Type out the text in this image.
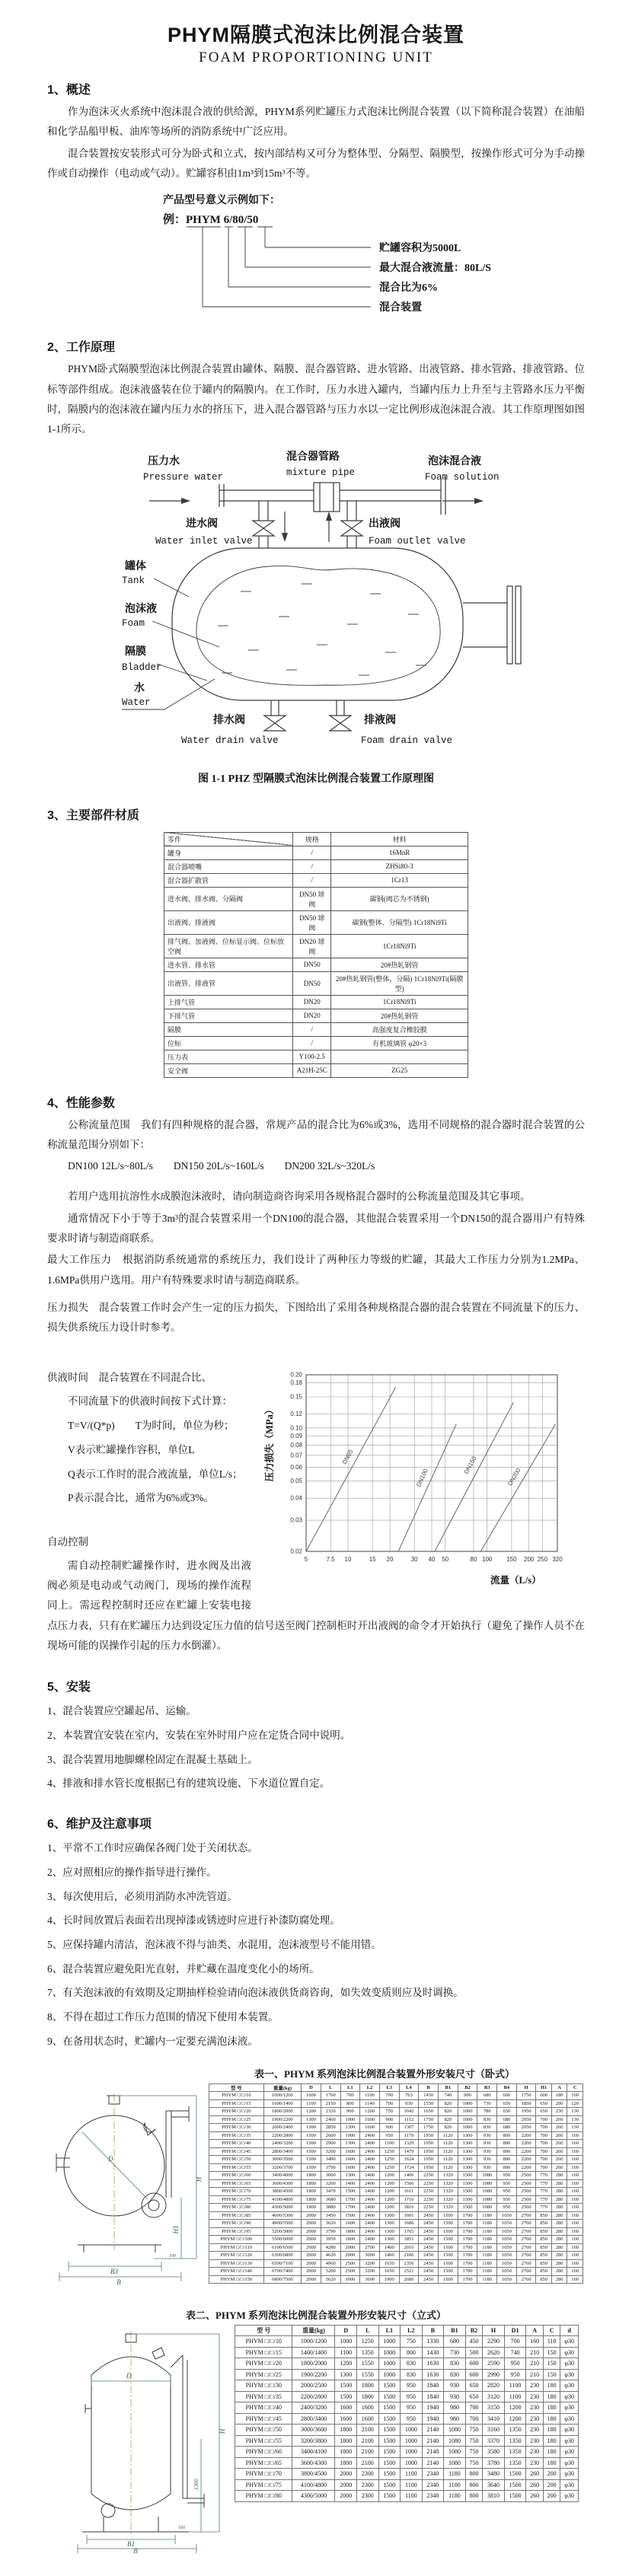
PHYM隔膜式泡沫比例混合装置
FOAM PROPORTIONING UNIT
1、概述

作为泡沫灭火系统中泡沫混合液的供给源，PHYM系列贮罐压力式泡沫比例混合装置（以下简称混合装置）在油船和化学品船甲板、油库等场所的消防系统中广泛应用。

混合装置按安装形式可分为卧式和立式，按内部结构又可分为整体型、分隔型、隔膜型，按操作形式可分为手动操作或自动操作（电动或气动）。贮罐容积由1m³到15m³不等。

产品型号意义示例如下：
例：PHYM 6/80/50
贮罐容积为5000L
最大混合液流量：80L/S
混合比为6%
混合装置
2、工作原理

PHYM卧式隔膜型泡沫比例混合装置由罐体、隔膜、混合器管路、进水管路、出液管路、排水管路、排液管路、位标等部件组成。泡沫液盛装在位于罐内的隔膜内。在工作时，压力水进入罐内，当罐内压力上升至与主管路水压力平衡时，隔膜内的泡沫液在罐内压力水的挤压下，进入混合器管路与压力水以一定比例形成泡沫混合液。其工作原理图如图1-1所示。

压力水
Pressure water
混合器管路
mixture pipe
泡沫混合液
Foam solution
进水阀
Water inlet valve
出液阀
Foam outlet valve
罐体
Tank
泡沫液
Foam
隔膜
Bladder
水
Water
排水阀
Water drain valve
排液阀
Foam drain valve
图 1-1 PHZ 型隔膜式泡沫比例混合装置工作原理图
3、主要部件材质
零件	规格	材料
罐身	/	16MnR
混合器喷嘴	/	ZHSi80-3
混合器扩散管	/	1Cr13
进水阀、排水阀、分隔阀	DN50 球阀	碳钢(阀芯为不锈钢)
出液阀、排液阀	DN50 球阀	碳钢(整体、分隔型) 1Cr18Ni9Ti
排气阀、加液阀、位标显示阀、位标放空阀	DN20 球阀	1Cr18Ni9Ti
进水管、排水管	DN50	20#热轧钢管
出液管、排液管	DN50	20#热轧钢管(整体、分隔) 1Cr18Ni9Ti(隔膜型)
上排气管	DN20	1Cr18Ni9Ti
下排气管	DN20	20#热轧钢管
隔膜	/	高强度复合橡胶膜
位标	/	有机玻璃管 φ20×3
压力表	Y100-2.5	
安全阀	A21H-25C	ZG25
4、性能参数

公称流量范围　我们有四种规格的混合器，常规产品的混合比为6%或3%，选用不同规格的混合器时混合装置的公称流量范围分别如下：

DN100 12L/s~80L/s　　DN150 20L/s~160L/s　　DN200 32L/s~320L/s

若用户选用抗溶性水成膜泡沫液时，请向制造商咨询采用各规格混合器时的公称流量范围及其它事项。

通常情况下小于等于3m³的混合装置采用一个DN100的混合器，其他混合装置采用一个DN150的混合器用户有特殊要求时请与制造商联系。

最大工作压力　根据消防系统通常的系统压力，我们设计了两种压力等级的贮罐，其最大工作压力分别为1.2MPa、1.6MPa供用户选用。用户有特殊要求时请与制造商联系。

压力损失　混合装置工作时会产生一定的压力损失，下图给出了采用各种规格混合器的混合装置在不同流量下的压力、损失供系统压力设计时参考。

5	7.5 10	15 20	30 40 50	80 100 150 200 250 320
0.02
0.03
0.04
0.05
0.06
0.07
0.08
0.09
0.10
0.12
0.15
0.18
0.20
DN65
DN100
DN150
DN200
压力损失（MPa）
流量（L/s）
供液时间　混合装置在不同混合比、
不同流量下的供液时间按下式计算：
T=V/(Q*p)　　T为时间，单位为秒；
V表示贮罐操作容积，单位L
Q表示工作时的混合液流量，单位L/s；
P表示混合比，通常为6%或3%。
自动控制

需自动控制贮罐操作时，进水阀及出液阀必须是电动或气动阀门，现场的操作流程同上。需远程控制时还应在贮罐上安装电接点压力表，只有在贮罐压力达到设定压力值的信号送至阀门控制柜时开出液阀的命令才开始执行（避免了操作人员不在现场可能的误操作引起的压力水倒灌）。

5、安装
1、混合装置应空罐起吊、运输。
2、本装置宜安装在室内，安装在室外时用户应在定货合同中说明。
3、混合装置用地脚螺栓固定在混凝土基础上。
4、排液和排水管长度根据已有的建筑设施、下水道位置自定。
6、维护及注意事项
1、平常不工作时应确保各阀门处于关闭状态。
2、应对照相应的操作指导进行操作。
3、每次使用后，必须用消防水冲洗管道。
4、长时间放置后表面若出现掉漆或锈迹时应进行补漆防腐处理。
5、应保持罐内清洁，泡沫液不得与油类、水混用，泡沫液型号不能用错。
6、混合装置应避免阳光直射，并贮藏在温度变化小的场所。
7、有关泡沫液的有效期及定期抽样检验请向泡沫液供货商咨询，如失效变质则应及时调换。
8、不得在超过工作压力范围的情况下使用本装置。
9、在备用状态时，贮罐内一定要充满泡沫液。
表一、PHYM 系列泡沫比例混合装置外形安装尺寸（卧式）
D
H
H1
B3
B
100
型 号	重量(kg)	D	L	L1	L2	L3	L4	B	B1	B2	B3	B4	H	H1	A	C
PHYM □/□/10	1000/1200	1000	1760	700	1100	700	763	1450	740	900	680	600	1750	600	180	100
PHYM □/□/15	1600/1400	1100	2150	800	1140	700	930	1550	820	1000	730	650	1850	650	200	120
PHYM □/□/20	1800/2000	1200	2320	900	1200	750	1042	1650	820	1000	780	650	1950	650	230	130
PHYM □/□/25	1900/2200	1300	2460	1000	1600	900	1112	1750	820	1000	830	680	2050	700	260	130
PHYM □/□/30	2000/2400	1300	2850	1300	1600	900	1307	1750	820	1000	830	680	2050	700	260	130
PHYM □/□/35	2200/2800	1500	2600	1000	2400	950	1179	1950	1120	1300	930	800	2260	700	260	160
PHYM □/□/40	2400/3200	1500	2900	1300	2400	1100	1329	1950	1120	1300	930	800	2260	700	260	160
PHYM □/□/45	2800/3400	1500	3200	1600	2400	1250	1479	1950	1120	1300	930	800	2260	700	260	160
PHYM □/□/50	3000/3500	1500	3490	1600	2400	1250	1624	1950	1120	1300	930	800	2260	700	260	160
PHYM □/□/55	3200/3700	1500	3790	1600	2400	1250	1724	1950	1120	1300	930	800	2260	700	260	160
PHYM □/□/60	3400/4000	1800	3060	1300	2400	1200	1406	2250	1320	1500	1080	950	2560	770	280	160
PHYM □/□/65	3600/4300	1800	3260	1400	2400	1200	1506	2250	1320	1500	1080	950	2560	770	280	160
PHYM □/□/70	3800/4500	1800	3470	1500	2400	1200	1611	2250	1320	1500	1080	950	2560	770	280	160
PHYM □/□/75	4100/4800	1800	3680	1700	2400	1200	1716	2250	1320	1500	1080	950	2560	770	280	160
PHYM □/□/80	4300/5000	1800	3880	1700	2400	1200	1816	2250	1320	1500	1080	950	2560	770	280	160
PHYM □/□/85	4600/5300	2000	3450	1500	2400	1300	1601	2450	1500	1700	1180	1050	2760	850	280	160
PHYM □/□/90	4900/5500	2000	3620	1600	2400	1300	1686	2450	1500	1700	1180	1050	2760	850	280	160
PHYM □/□/95	5200/5800	2000	3790	1800	2400	1300	1765	2450	1500	1700	1180	1050	2760	850	280	160
PHYM □/□/100	5500/6000	2000	3950	1800	2400	1300	1851	2450	1500	1700	1180	1050	2760	850	280	160
PHYM □/□/110	6100/6500	2000	4280	2000	2700	1400	2016	2450	1500	1700	1180	1050	2760	850	280	160
PHYM □/□/120	6300/6800	2000	4620	2000	3000	1400	2186	2450	1500	1700	1180	1050	2760	850	280	160
PHYM □/□/130	6500/7100	2000	4960	2500	3200	1650	2356	2450	1500	1700	1180	1050	2760	850	280	160
PHYM □/□/140	6700/7400	2000	5200	2500	3200	1650	2521	2450	1500	1700	1180	1050	2760	850	280	160
PHYM □/□/150	6800/7500	2000	5620	3000	3600	1900	2686	2450	1500	1700	1180	1050	2760	850	280	160
表二、PHYM 系列泡沫比例混合装置外形安装尺寸（立式）
D
H
1200
B1
B
160
型 号	重量(kg)	D	L	L1	L2	B	B1	B2	H	D1	A	C	d
PHYM □/□/10	1000/1200	1000	1250	1000	750	1330	680	450	2290	700	160	110	φ30
PHYM □/□/15	1400/1400	1100	1350	1000	800	1430	730	500	2620	740	210	150	φ30
PHYM □/□/20	1800/2000	1200	1550	1000	830	1630	830	600	2590	950	210	150	φ30
PHYM □/□/25	1900/2200	1300	1550	1000	830	1630	830	600	2990	950	210	150	φ30
PHYM □/□/30	2000/2500	1500	1800	1500	950	1840	930	650	2820	1100	230	180	φ30
PHYM □/□/35	2200/2800	1500	1800	1500	950	1840	930	650	3120	1100	230	180	φ30
PHYM □/□/40	2400/3200	1600	1600	1500	950	1940	980	700	3150	1200	230	180	φ30
PHYM □/□/45	2800/3400	1600	1600	1500	950	1940	980	700	3410	1200	230	180	φ30
PHYM □/□/50	3000/3600	1800	2100	1500	1000	2140	1080	750	3160	1350	230	180	φ30
PHYM □/□/55	3200/3800	1800	2100	1500	1000	2140	1080	750	3370	1350	230	180	φ30
PHYM □/□/60	3400/4100	1800	2100	1500	1000	2140	1080	750	3580	1350	230	180	φ30
PHYM □/□/65	3600/4300	1800	2100	1500	1000	2140	1080	750	3780	1350	230	180	φ30
PHYM □/□/70	3800/4500	2000	2300	1500	1100	2340	1180	800	3480	1500	260	200	φ30
PHYM □/□/75	4100/4800	2000	2300	1500	1100	2340	1180	800	3640	1500	260	200	φ30
PHYM □/□/80	4300/5000	2000	2300	1500	1100	2340	1180	800	3810	1500	260	200	φ30
